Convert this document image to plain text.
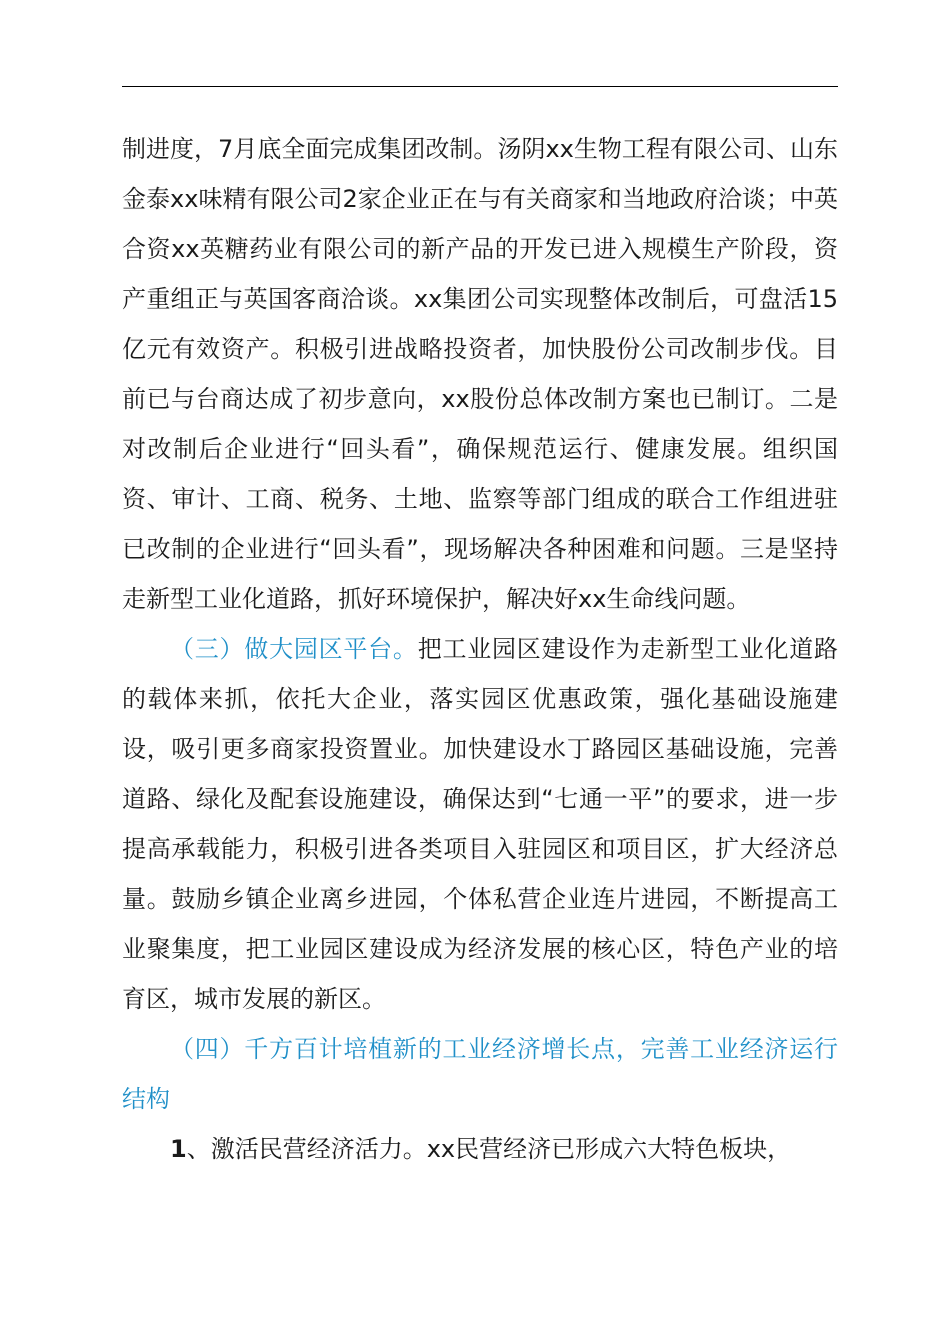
制进度，7月底全面完成集团改制。汤阴xx生物工程有限公司、山东金泰xx味精有限公司2家企业正在与有关商家和当地政府洽谈；中英合资xx英糖药业有限公司的新产品的开发已进入规模生产阶段，资产重组正与英国客商洽谈。xx集团公司实现整体改制后，可盘活15亿元有效资产。积极引进战略投资者，加快股份公司改制步伐。目前已与台商达成了初步意向，xx股份总体改制方案也已制订。二是对改制后企业进行“回头看”，确保规范运行、健康发展。组织国资、审计、工商、税务、土地、监察等部门组成的联合工作组进驻已改制的企业进行“回头看”，现场解决各种困难和问题。三是坚持走新型工业化道路，抓好环境保护，解决好xx生命线问题。

（三）做大园区平台。把工业园区建设作为走新型工业化道路的载体来抓，依托大企业，落实园区优惠政策，强化基础设施建设，吸引更多商家投资置业。加快建设水丁路园区基础设施，完善道路、绿化及配套设施建设，确保达到“七通一平”的要求，进一步提高承载能力，积极引进各类项目入驻园区和项目区，扩大经济总量。鼓励乡镇企业离乡进园，个体私营企业连片进园，不断提高工业聚集度，把工业园区建设成为经济发展的核心区，特色产业的培育区，城市发展的新区。

（四）千方百计培植新的工业经济增长点，完善工业经济运行结构

1、激活民营经济活力。xx民营经济已形成六大特色板块，
